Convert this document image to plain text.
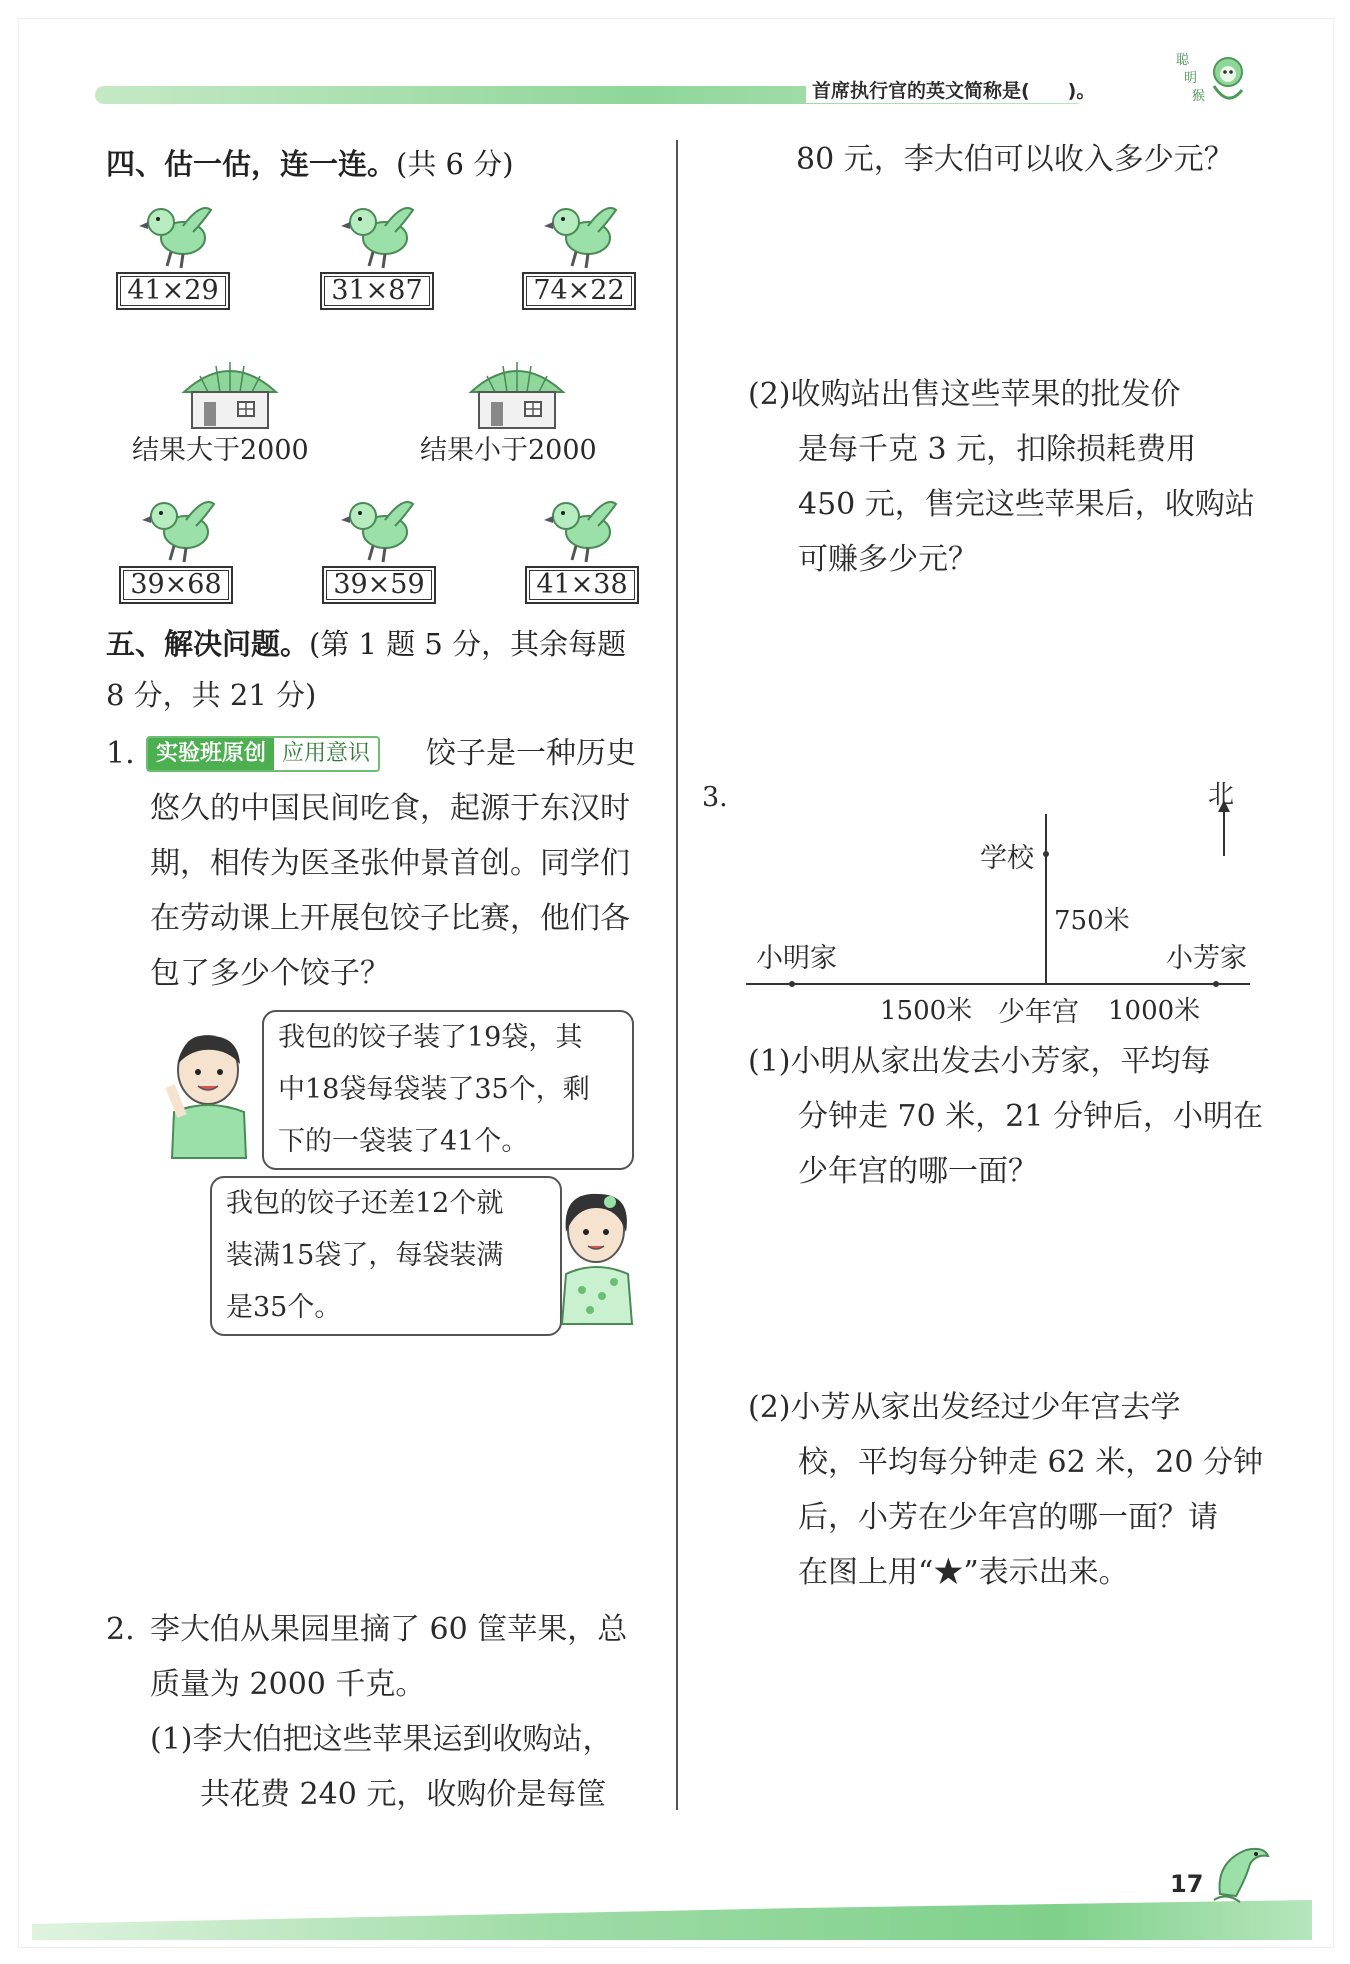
首席执行官的英文简称是(　　)。
聪
明
猴
四、估一估，连一连。(共 6 分)
41×29	31×87	74×22
结果大于2000	结果小于2000
39×68	39×59	41×38
五、解决问题。(第 1 题 5 分，其余每题
8 分，共 21 分)
1. 实验班原创 应用意识 饺子是一种历史
悠久的中国民间吃食，起源于东汉时
期，相传为医圣张仲景首创。同学们
在劳动课上开展包饺子比赛，他们各
包了多少个饺子？
我包的饺子装了19袋，其
中18袋每袋装了35个，剩
下的一袋装了41个。
我包的饺子还差12个就
装满15袋了，每袋装满
是35个。
2. 李大伯从果园里摘了 60 筐苹果，总
质量为 2000 千克。
(1)李大伯把这些苹果运到收购站，
共花费 240 元，收购价是每筐
80 元，李大伯可以收入多少元？
(2)收购站出售这些苹果的批发价
是每千克 3 元，扣除损耗费用
450 元，售完这些苹果后，收购站
可赚多少元？
3.	北
学校
750米
小明家	小芳家
1500米 少年宫 1000米
(1)小明从家出发去小芳家，平均每
分钟走 70 米，21 分钟后，小明在
少年宫的哪一面？
(2)小芳从家出发经过少年宫去学
校，平均每分钟走 62 米，20 分钟
后，小芳在少年宫的哪一面？请
在图上用“★”表示出来。
17
